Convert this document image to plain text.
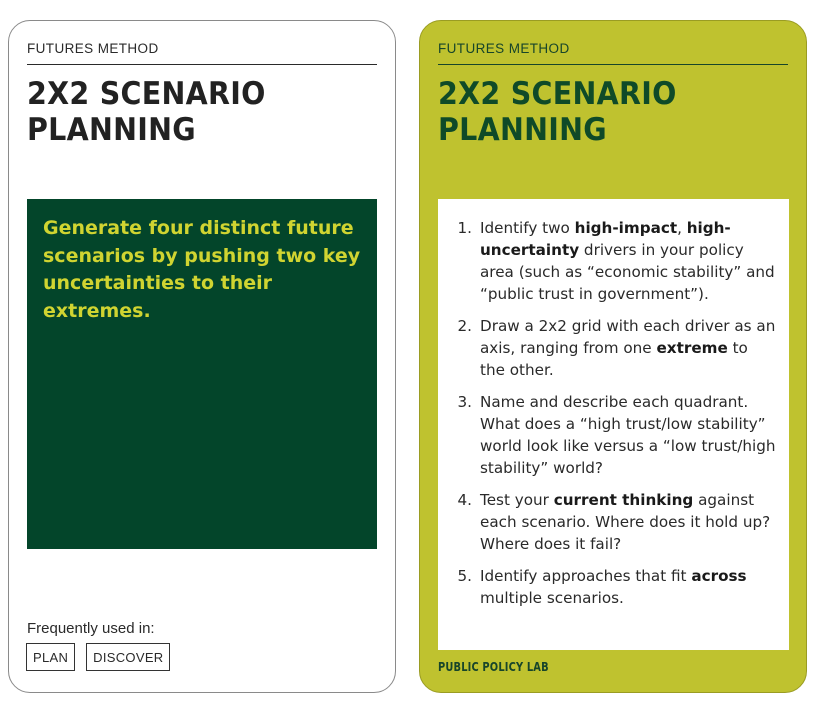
FUTURES METHOD
2X2 SCENARIO
PLANNING

Generate four distinct future scenarios by pushing two key uncertainties to their extremes.

Frequently used in:
PLAN	DISCOVER
FUTURES METHOD
2X2 SCENARIO
PLANNING
1. Identify two high-impact, high-uncertainty drivers in your policy area (such as “economic stability” and “public trust in government”).
2. Draw a 2x2 grid with each driver as an axis, ranging from one extreme to the other.
3. Name and describe each quadrant. What does a “high trust/low stability” world look like versus a “low trust/high stability” world?
4. Test your current thinking against each scenario. Where does it hold up? Where does it fail?
5. Identify approaches that fit across multiple scenarios.
PUBLIC POLICY LAB
